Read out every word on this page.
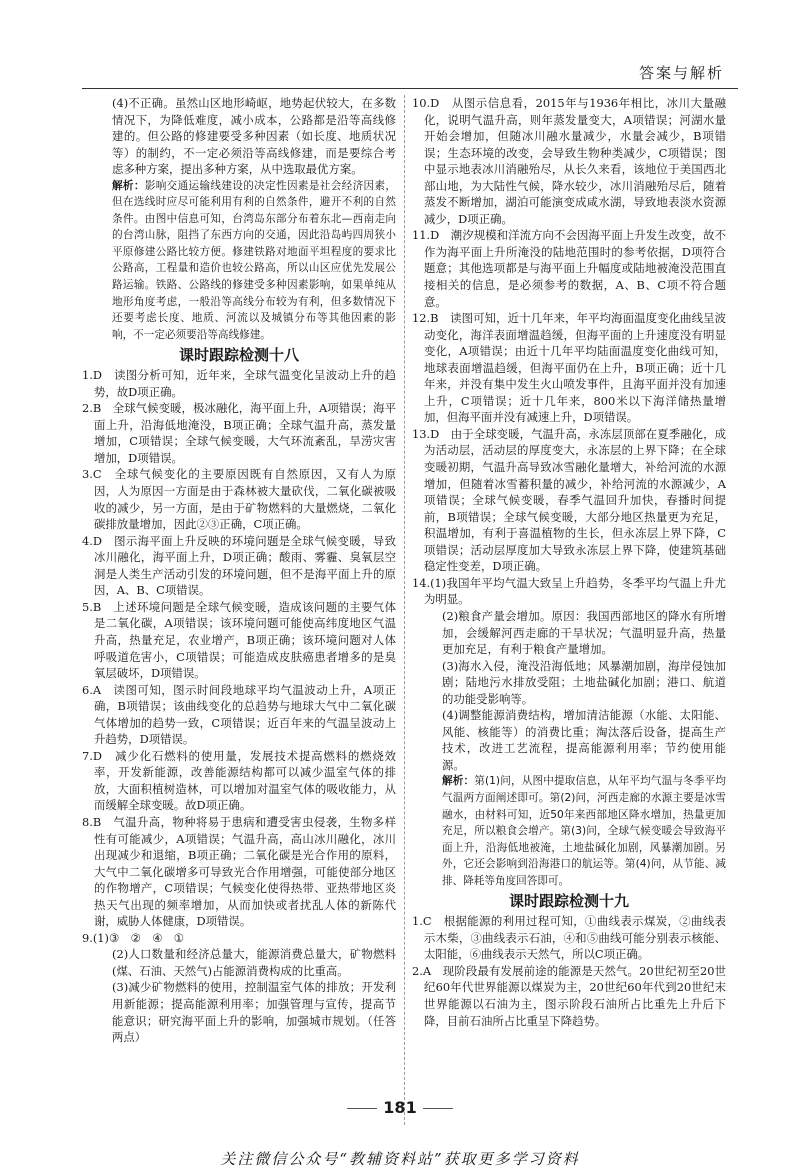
答案与解析

(4)不正确。虽然山区地形崎岖，地势起伏较大，在多数情况下，为降低难度，减小成本，公路都是沿等高线修建的。但公路的修建要受多种因素（如长度、地质状况等）的制约，不一定必须沿等高线修建，而是要综合考虑多种方案，提出多种方案，从中选取最优方案。

解析：影响交通运输线建设的决定性因素是社会经济因素，但在选线时应尽可能利用有利的自然条件，避开不利的自然条件。由图中信息可知，台湾岛东部分布着东北—西南走向的台湾山脉，阻挡了东西方向的交通，因此沿岛屿四周狭小平原修建公路比较方便。修建铁路对地面平坦程度的要求比公路高，工程量和造价也较公路高，所以山区应优先发展公路运输。铁路、公路线的修建受多种因素影响，如果单纯从地形角度考虑，一般沿等高线分布较为有利，但多数情况下还要考虑长度、地质、河流以及城镇分布等其他因素的影响，不一定必须要沿等高线修建。

课时跟踪检测十八

1.D　读图分析可知，近年来，全球气温变化呈波动上升的趋势，故D项正确。

2.B　全球气候变暖，极冰融化，海平面上升，A项错误；海平面上升，沿海低地淹没，B项正确；全球气温升高，蒸发量增加，C项错误；全球气候变暖，大气环流紊乱，旱涝灾害增加，D项错误。

3.C　全球气候变化的主要原因既有自然原因，又有人为原因，人为原因一方面是由于森林被大量砍伐，二氧化碳被吸收的减少，另一方面，是由于矿物燃料的大量燃烧，二氧化碳排放量增加，因此②③正确，C项正确。

4.D　图示海平面上升反映的环境问题是全球气候变暖，导致冰川融化，海平面上升，D项正确；酸雨、雾霾、臭氧层空洞是人类生产活动引发的环境问题，但不是海平面上升的原因，A、B、C项错误。

5.B　上述环境问题是全球气候变暖，造成该问题的主要气体是二氧化碳，A项错误；该环境问题可能使高纬度地区气温升高，热量充足，农业增产，B项正确；该环境问题对人体呼吸道危害小，C项错误；可能造成皮肤癌患者增多的是臭氧层破坏，D项错误。

6.A　读图可知，图示时间段地球平均气温波动上升，A项正确，B项错误；该曲线变化的总趋势与地球大气中二氧化碳气体增加的趋势一致，C项错误；近百年来的气温呈波动上升趋势，D项错误。

7.D　减少化石燃料的使用量，发展技术提高燃料的燃烧效率，开发新能源，改善能源结构都可以减少温室气体的排放，大面积植树造林，可以增加对温室气体的吸收能力，从而缓解全球变暖。故D项正确。

8.B　气温升高，物种将易于患病和遭受害虫侵袭，生物多样性有可能减少，A项错误；气温升高，高山冰川融化，冰川出现减少和退缩，B项正确；二氧化碳是光合作用的原料，大气中二氧化碳增多可导致光合作用增强，可能使部分地区的作物增产，C项错误；气候变化使得热带、亚热带地区炎热天气出现的频率增加，从而加快或者扰乱人体的新陈代谢，威胁人体健康，D项错误。

9.(1)③　②　④　①

(2)人口数量和经济总量大，能源消费总量大，矿物燃料(煤、石油、天然气)占能源消费构成的比重高。

(3)减少矿物燃料的使用，控制温室气体的排放；开发利用新能源；提高能源利用率；加强管理与宣传，提高节能意识；研究海平面上升的影响，加强城市规划。（任答两点）

10.D　从图示信息看，2015年与1936年相比，冰川大量融化，说明气温升高，则年蒸发量变大，A项错误；河湖水量开始会增加，但随冰川融水量减少，水量会减少，B项错误；生态环境的改变，会导致生物种类减少，C项错误；图中显示地表冰川消融殆尽，从长久来看，该地位于美国西北部山地，为大陆性气候，降水较少，冰川消融殆尽后，随着蒸发不断增加，湖泊可能演变成咸水湖，导致地表淡水资源减少，D项正确。

11.D　潮汐规模和洋流方向不会因海平面上升发生改变，故不作为海平面上升所淹没的陆地范围时的参考依据，D项符合题意；其他选项都是与海平面上升幅度或陆地被淹没范围直接相关的信息，是必须参考的数据，A、B、C项不符合题意。

12.B　读图可知，近十几年来，年平均海面温度变化曲线呈波动变化，海洋表面增温趋缓，但海平面的上升速度没有明显变化，A项错误；由近十几年平均陆面温度变化曲线可知，地球表面增温趋缓，但海平面仍在上升，B项正确；近十几年来，并没有集中发生火山喷发事件，且海平面并没有加速上升，C项错误；近十几年来，800米以下海洋储热量增加，但海平面并没有减速上升，D项错误。

13.D　由于全球变暖，气温升高，永冻层顶部在夏季融化，成为活动层，活动层的厚度变大，永冻层的上界下降；在全球变暖初期，气温升高导致冰雪融化量增大，补给河流的水源增加，但随着冰雪蓄积量的减少，补给河流的水源减少，A项错误；全球气候变暖，春季气温回升加快，春播时间提前，B项错误；全球气候变暖，大部分地区热量更为充足，积温增加，有利于喜温植物的生长，但永冻层上界下降，C项错误；活动层厚度加大导致永冻层上界下降，使建筑基础稳定性变差，D项正确。

14.(1)我国年平均气温大致呈上升趋势，冬季平均气温上升尤为明显。

(2)粮食产量会增加。原因：我国西部地区的降水有所增加，会缓解河西走廊的干旱状况；气温明显升高，热量更加充足，有利于粮食产量增加。

(3)海水入侵，淹没沿海低地；风暴潮加剧，海岸侵蚀加剧；陆地污水排放受阻；土地盐碱化加剧；港口、航道的功能受影响等。

(4)调整能源消费结构，增加清洁能源（水能、太阳能、风能、核能等）的消费比重；淘汰落后设备，提高生产技术，改进工艺流程，提高能源利用率；节约使用能源。

解析：第(1)问，从图中提取信息，从年平均气温与冬季平均气温两方面阐述即可。第(2)问，河西走廊的水源主要是冰雪融水，由材料可知，近50年来西部地区降水增加，热量更加充足，所以粮食会增产。第(3)问，全球气候变暖会导致海平面上升，沿海低地被淹，土地盐碱化加剧，风暴潮加剧。另外，它还会影响到沿海港口的航运等。第(4)问，从节能、减排、降耗等角度回答即可。

课时跟踪检测十九

1.C　根据能源的利用过程可知，①曲线表示煤炭，②曲线表示木柴，③曲线表示石油，④和⑤曲线可能分别表示核能、太阳能，⑥曲线表示天然气，所以C项正确。

2.A　现阶段最有发展前途的能源是天然气。20世纪初至20世纪60年代世界能源以煤炭为主，20世纪60年代到20世纪末世界能源以石油为主，图示阶段石油所占比重先上升后下降，目前石油所占比重呈下降趋势。

181
关注微信公众号“教辅资料站”获取更多学习资料
